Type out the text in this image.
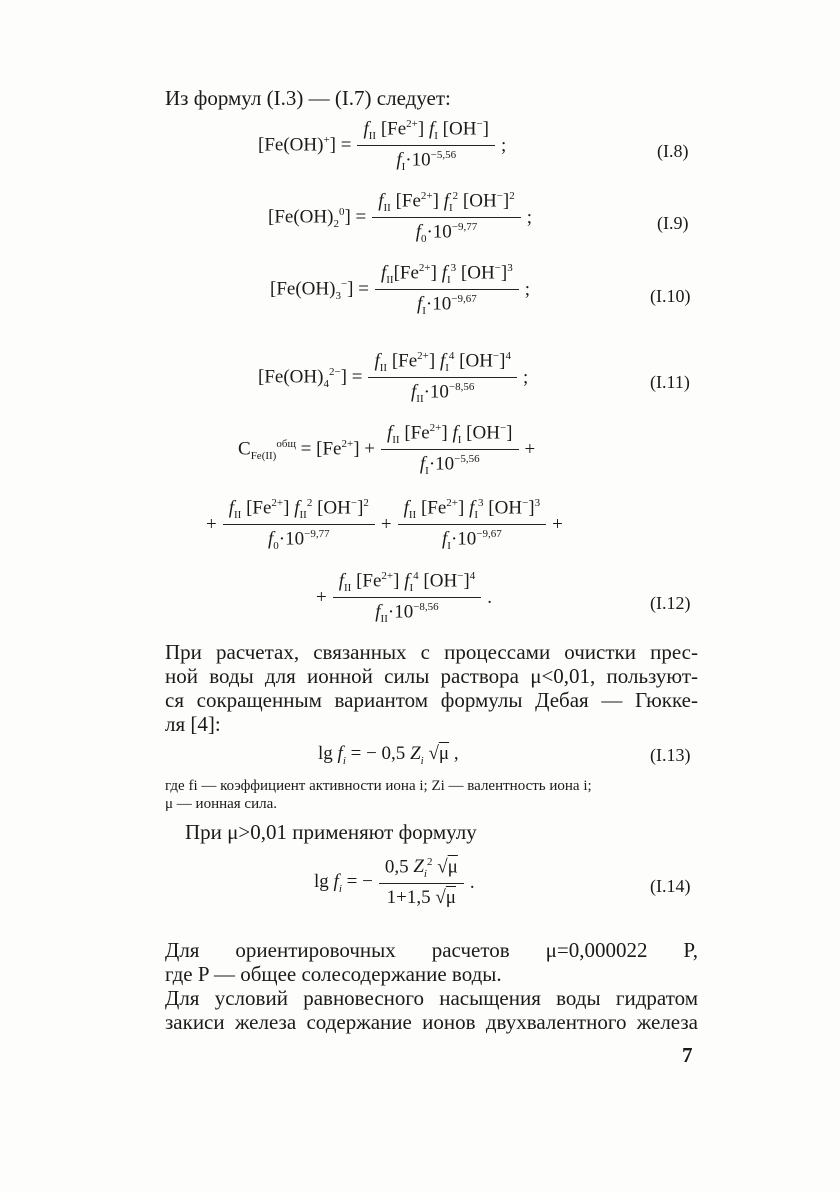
Из формул (I.3) — (I.7) следует:
$[Fe(OH)^+] = \frac{f_{II} [Fe^{2+}] f_I [OH^-]}{f_I\cdot 10^{-5,56}}$ ;	(I.8)
$[Fe(OH)_2^0] = \frac{f_{II} [Fe^{2+}] f_I^2 [OH^-]^2}{f_0\cdot 10^{-9,77}}$ ;	(I.9)
$[Fe(OH)_3^-] = \frac{f_{II}[Fe^{2+}] f_I^3 [OH^-]^3}{f_I\cdot 10^{-9,67}}$ ;	(I.10)
$[Fe(OH)_4^{2-}] = \frac{f_{II} [Fe^{2+}] f_I^4 [OH^-]^4}{f_{II}\cdot 10^{-8,56}}$ ;	(I.11)
$C_{Fe(II)}^{общ} = [Fe^{2+}] + \frac{f_{II} [Fe^{2+}] f_I [OH^-]}{f_I\cdot 10^{-5,56}}$ +
+ $\frac{f_{II} [Fe^{2+}] f_{II}^2 [OH^-]^2}{f_0\cdot 10^{-9,77}} + \frac{f_{II} [Fe^{2+}] f_I^3 [OH^-]^3}{f_I\cdot 10^{-9,67}}$ +
+ $\frac{f_{II} [Fe^{2+}] f_I^4 [OH^-]^4}{f_{II}\cdot 10^{-8,56}}$ .	(I.12)
При расчетах, связанных с процессами очистки прес-
ной воды для ионной силы раствора μ<0,01, пользуют-
ся сокращенным вариантом формулы Дебая — Гюкке-
ля [4]:
$\lg f_i$ = − 0,5 $Z_i$ √μ ,	(I.13)
где fi — коэффициент активности иона i; Zi — валентность иона i;
μ — ионная сила.
При μ>0,01 применяют формулу
$\lg f_i$ = − $\frac{0,5 Z_i^2 √\mu}{1+1,5 √\mu}$ .	(I.14)
Для ориентировочных расчетов μ=0,000022 P,
где P — общее солесодержание воды.
Для условий равновесного насыщения воды гидратом
закиси железа содержание ионов двухвалентного железа
7
